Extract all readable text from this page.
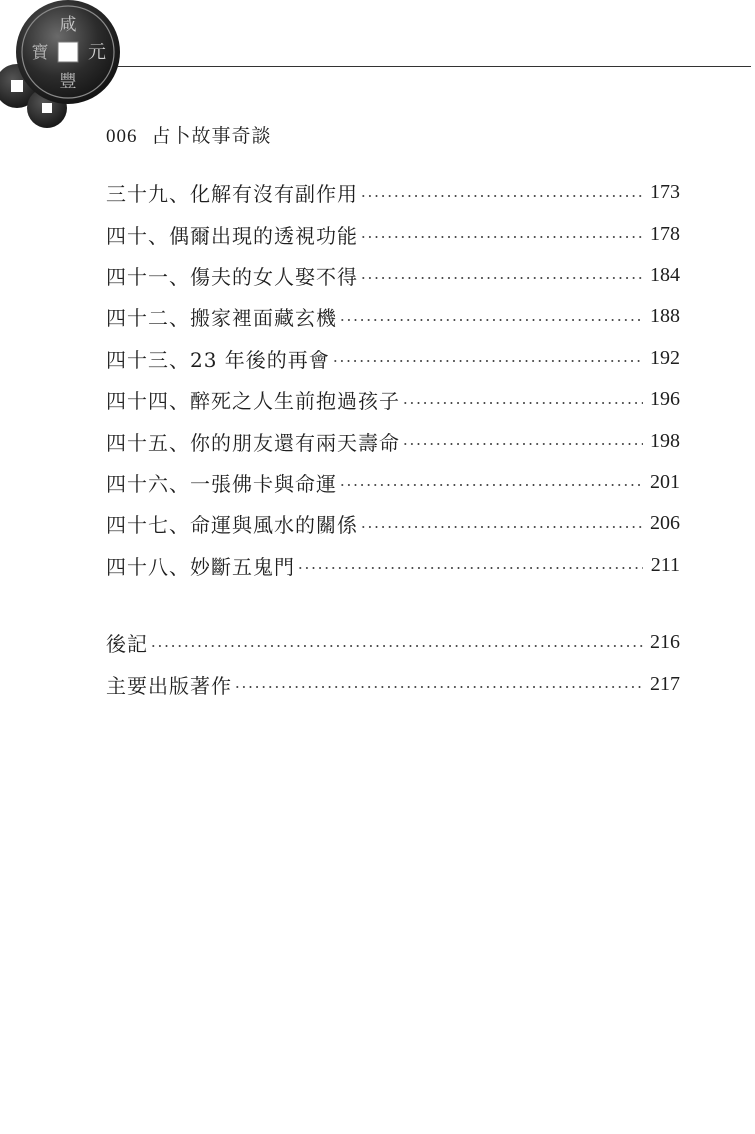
咸
豐
元
寶
006 占卜故事奇談
三十九、化解有沒有副作用	173
四十、偶爾出現的透視功能	178
四十一、傷夫的女人娶不得	184
四十二、搬家裡面藏玄機	188
四十三、23 年後的再會	192
四十四、醉死之人生前抱過孩子	196
四十五、你的朋友還有兩天壽命	198
四十六、一張佛卡與命運	201
四十七、命運與風水的關係	206
四十八、妙斷五鬼門	211
後記	216
主要出版著作	217
